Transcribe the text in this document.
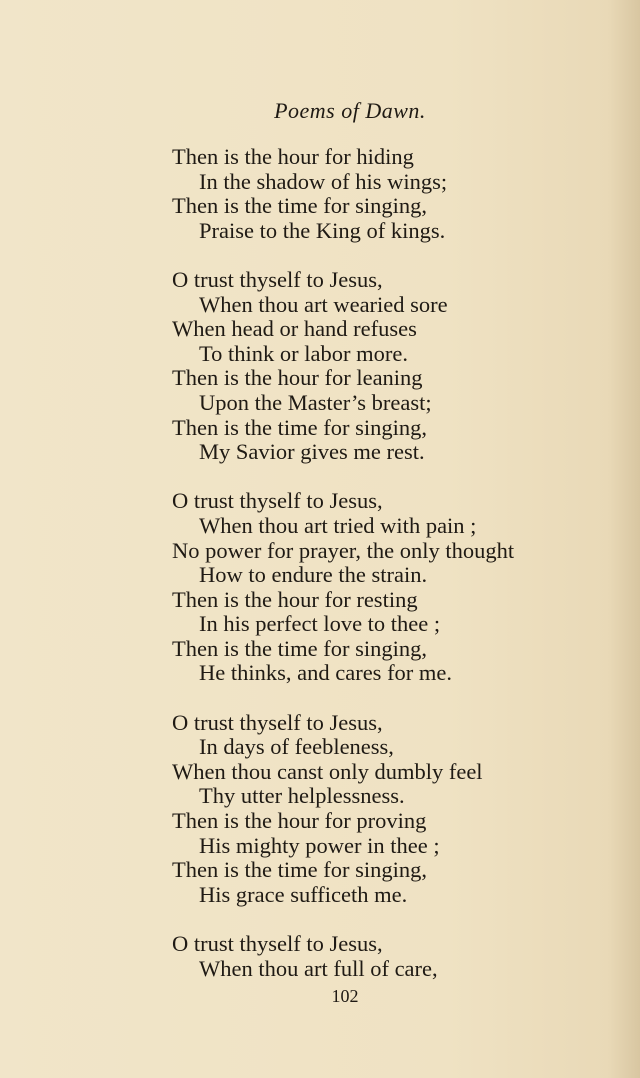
Poems of Dawn.
Then is the hour for hiding
In the shadow of his wings;
Then is the time for singing,
Praise to the King of kings.
O trust thyself to Jesus,
When thou art wearied sore
When head or hand refuses
To think or labor more.
Then is the hour for leaning
Upon the Master’s breast;
Then is the time for singing,
My Savior gives me rest.
O trust thyself to Jesus,
When thou art tried with pain ;
No power for prayer, the only thought
How to endure the strain.
Then is the hour for resting
In his perfect love to thee ;
Then is the time for singing,
He thinks, and cares for me.
O trust thyself to Jesus,
In days of feebleness,
When thou canst only dumbly feel
Thy utter helplessness.
Then is the hour for proving
His mighty power in thee ;
Then is the time for singing,
His grace sufficeth me.
O trust thyself to Jesus,
When thou art full of care,
102
